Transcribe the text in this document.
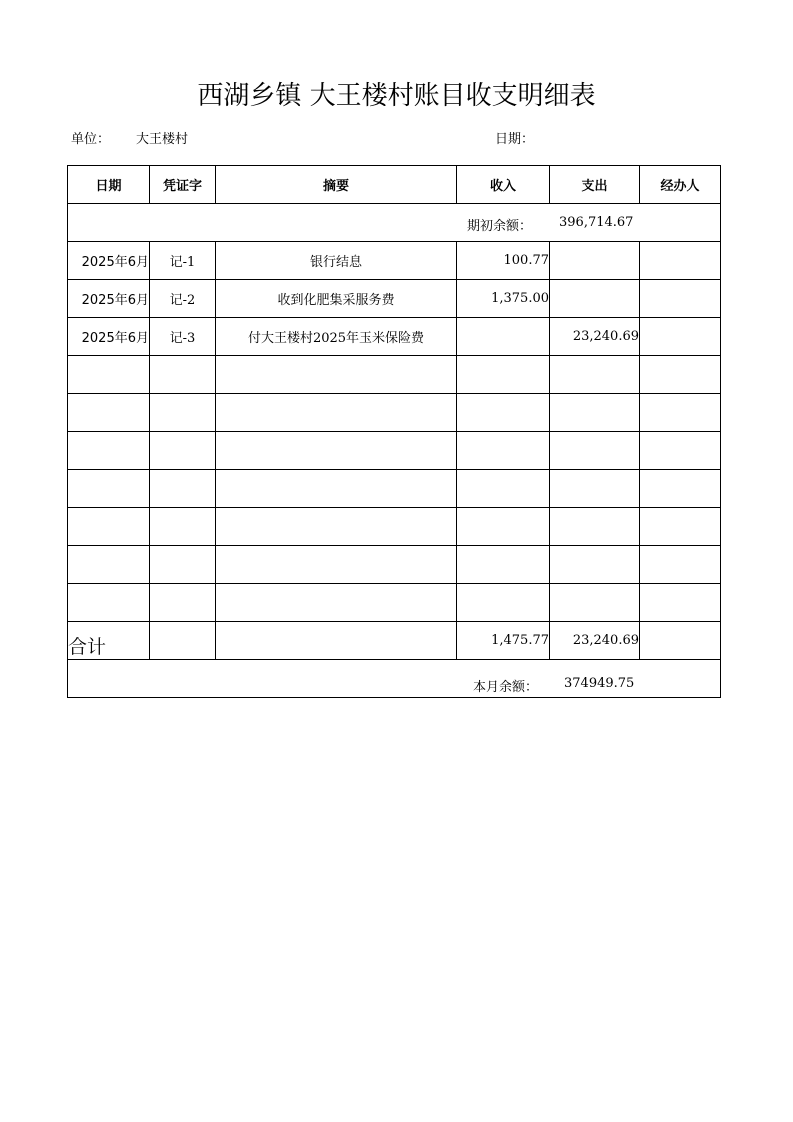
西湖乡镇 大王楼村账目收支明细表
单位： 大王楼村	日期：
日期	凭证字	摘要	收入	支出	经办人

期初余额： 396,714.67					

2025年6月	记-1	银行结息	100.77		
2025年6月	记-2	收到化肥集采服务费	1,375.00		
2025年6月	记-3	付大王楼村2025年玉米保险费		23,240.69	

合计			1,475.77	23,240.69	

本月余额： 374949.75					
